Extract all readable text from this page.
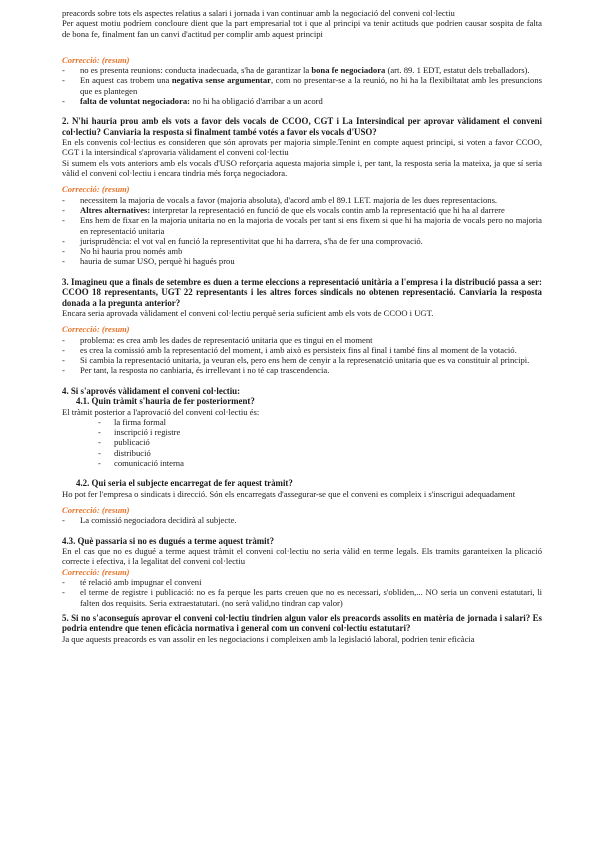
preacords sobre tots els aspectes relatius a salari i jornada i van continuar amb la negociació del conveni col·lectiu

Per aquest motiu podríem concloure dient que la part empresarial tot i que al principi va tenir actituds que podrien causar sospita de falta de bona fe, finalment fan un canvi d'actitud per complir amb aquest principi

Correcció: (resum)
- no es presenta reunions: conducta inadecuada, s'ha de garantizar la bona fe negociadora (art. 89. 1 EDT, estatut dels treballadors).
- En aquest cas trobem una negativa sense argumentar, com no presentar-se a la reunió, no hi ha la flexibiltatat amb les presuncions que es plantegen
- falta de voluntat negociadora: no hi ha obligació d'arribar a un acord
2. N'hi hauria prou amb els vots a favor dels vocals de CCOO, CGT i La Intersindical per aprovar vàlidament el conveni col·lectiu? Canviaria la resposta si finalment també votés a favor els vocals d'USO?

En els convenis col·lectius es consideren que són aprovats per majoria simple.Tenint en compte aquest principi, si voten a favor CCOO, CGT i la intersindical s'aprovaria vàlidament el conveni col·lectiu

Si sumem els vots anteriors amb els vocals d'USO reforçaria aquesta majoria simple i, per tant, la resposta seria la mateixa, ja que sí seria vàlid el conveni col·lectiu i encara tindria més força negociadora.

Correcció: (resum)
- necessitem la majoria de vocals a favor (majoria absoluta), d'acord amb el 89.1 LET. majoria de les dues representacions.
- Altres alternatives: interpretar la representació en funció de que els vocals contin amb la representació que hi ha al darrere
- Ens hem de fixar en la majoria unitaria no en la majoria de vocals per tant si ens fixem si que hi ha majoria de vocals pero no majoria en representació unitaria
- jurisprudència: el vot val en funció la representivitat que hi ha darrera, s'ha de fer una comprovació.
- No hi hauria prou només amb
- hauria de sumar USO, perquè hi hagués prou
3. Imagineu que a finals de setembre es duen a terme eleccions a representació unitària a l'empresa i la distribució passa a ser: CCOO 18 representants, UGT 22 representants i les altres forces sindicals no obtenen representació. Canviaria la resposta donada a la pregunta anterior?

Encara seria aprovada vàlidament el conveni col·lectiu perquè seria suficient amb els vots de CCOO i UGT.

Correcció: (resum)
- problema: es crea amb les dades de representació unitaria que es tingui en el moment
- es crea la comissió amb la representació del moment, i amb això es persisteix fins al final i també fins al moment de la votació.
- Si cambia la representació unitaria, ja veuran els, pero ens hem de cenyir a la represenatció unitaria que es va constituir al principi.
- Per tant, la resposta no canbiaria, és irrellevant i no té cap trascendencia.
4. Si s'aprovés vàlidament el conveni col·lectiu:
4.1. Quin tràmit s'hauria de fer posteriorment?

El tràmit posterior a l'aprovació del conveni col·lectiu és:

- la firma formal
- inscripció i registre
- publicació
- distribució
- comunicació interna
4.2. Qui seria el subjecte encarregat de fer aquest tràmit?

Ho pot fer l'empresa o sindicats i direcció. Són els encarregats d'assegurar-se que el conveni es compleix i s'inscrigui adequadament

Correcció: (resum)
- La comissió negociadora decidirà al subjecte.
4.3. Què passaria si no es dugués a terme aquest tràmit?

En el cas que no es dugué a terme aquest tràmit el conveni col·lectiu no seria vàlid en terme legals. Els tramits garanteixen la plicació correcte i efectiva, i la legalitat del conveni col·lectiu

Correcció: (resum)
- té relació amb impugnar el conveni
- el terme de registre i publicació: no es fa perque les parts creuen que no es necessari, s'obliden,... NO seria un conveni estatutari, li falten dos requisits. Seria extraestatutari. (no serà valid,no tindran cap valor)
5. Si no s'aconseguís aprovar el conveni col·lectiu tindrien algun valor els preacords assolits en matèria de jornada i salari? Es podria entendre que tenen eficàcia normativa i general com un conveni col·lectiu estatutari?

Ja que aquests preacords es van assolir en les negociacions i compleixen amb la legislació laboral, podrien tenir eficàcia
